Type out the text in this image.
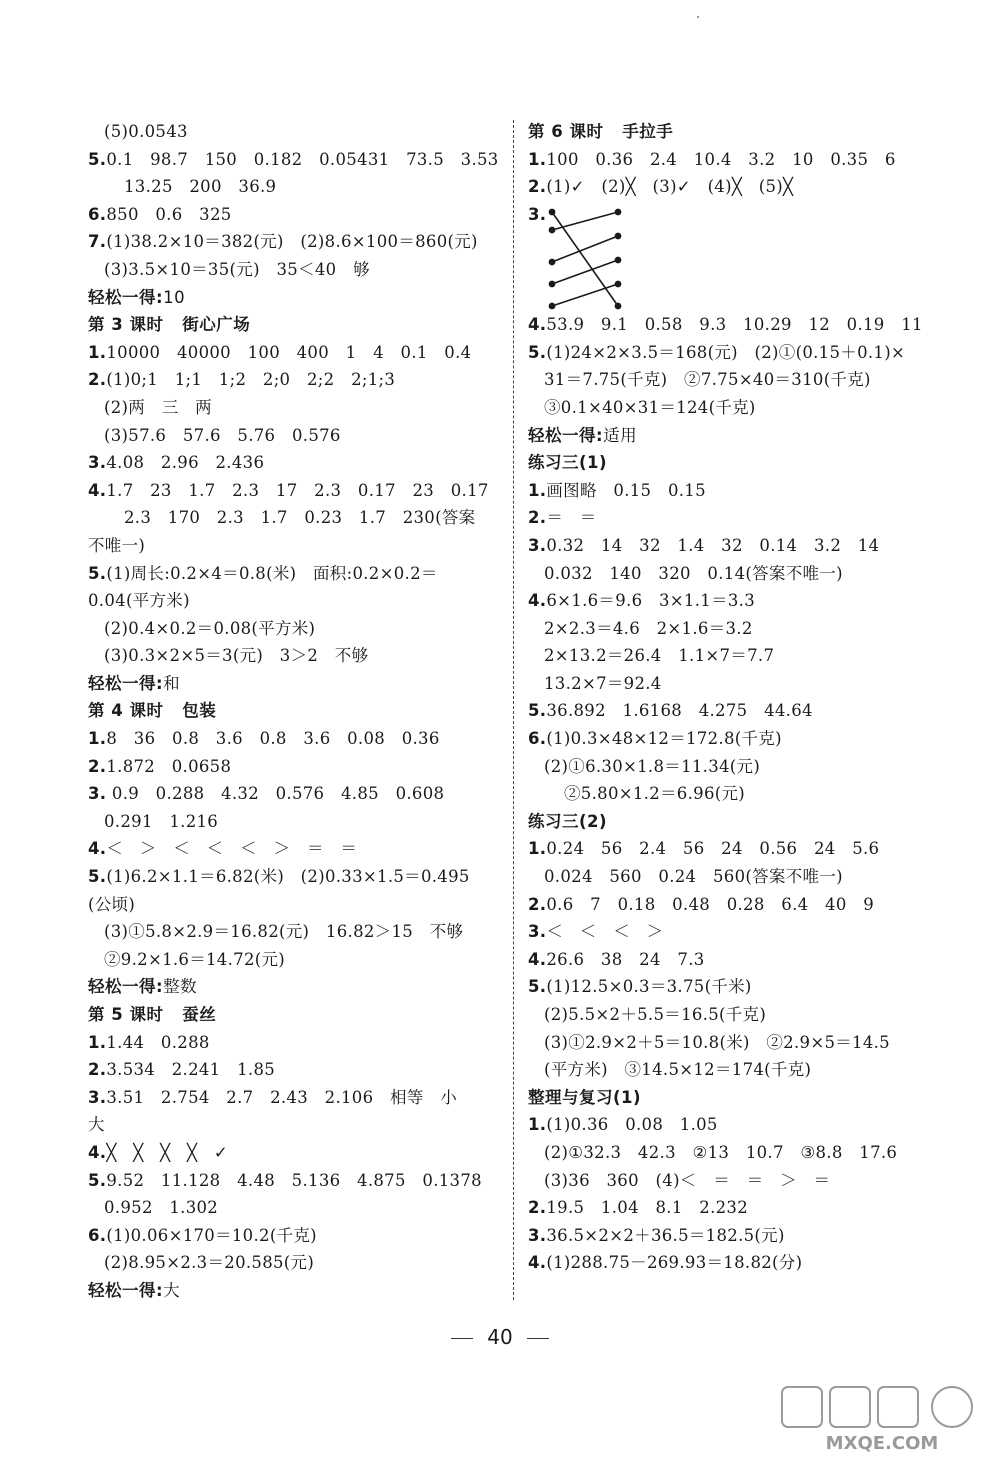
(5)0.0543
5.0.1   98.7   150   0.182   0.05431   73.5   3.53
13.25   200   36.9
6.850   0.6   325
7.(1)38.2×10＝382(元)   (2)8.6×100＝860(元)
(3)3.5×10＝35(元)   35＜40   够
轻松一得:10
第 3 课时   街心广场
1.10000   40000   100   400   1   4   0.1   0.4
2.(1)0;1   1;1   1;2   2;0   2;2   2;1;3
(2)两   三   两
(3)57.6   57.6   5.76   0.576
3.4.08   2.96   2.436
4.1.7   23   1.7   2.3   17   2.3   0.17   23   0.17
2.3   170   2.3   1.7   0.23   1.7   230(答案
不唯一)
5.(1)周长:0.2×4＝0.8(米)   面积:0.2×0.2＝
0.04(平方米)
(2)0.4×0.2＝0.08(平方米)
(3)0.3×2×5＝3(元)   3＞2   不够
轻松一得:和
第 4 课时   包装
1.8   36   0.8   3.6   0.8   3.6   0.08   0.36
2.1.872   0.0658
3. 0.9   0.288   4.32   0.576   4.85   0.608
0.291   1.216
4.＜   ＞   ＜   ＜   ＜   ＞   ＝   ＝
5.(1)6.2×1.1＝6.82(米)   (2)0.33×1.5＝0.495
(公顷)
(3)①5.8×2.9＝16.82(元)   16.82＞15   不够
②9.2×1.6＝14.72(元)
轻松一得:整数
第 5 课时   蚕丝
1.1.44   0.288
2.3.534   2.241   1.85
3.3.51   2.754   2.7   2.43   2.106   相等   小
大
4.╳   ╳   ╳   ╳   ✓
5.9.52   11.128   4.48   5.136   4.875   0.1378
0.952   1.302
6.(1)0.06×170＝10.2(千克)
(2)8.95×2.3＝20.585(元)
轻松一得:大
第 6 课时   手拉手
1.100   0.36   2.4   10.4   3.2   10   0.35   6
2.(1)✓   (2)╳   (3)✓   (4)╳   (5)╳
3.
4.53.9   9.1   0.58   9.3   10.29   12   0.19   11
5.(1)24×2×3.5＝168(元)   (2)①(0.15＋0.1)×
31＝7.75(千克)   ②7.75×40＝310(千克)
③0.1×40×31＝124(千克)
轻松一得:适用
练习三(1)
1.画图略   0.15   0.15
2.＝   ＝
3.0.32   14   32   1.4   32   0.14   3.2   14
0.032   140   320   0.14(答案不唯一)
4.6×1.6＝9.6   3×1.1＝3.3
2×2.3＝4.6   2×1.6＝3.2
2×13.2＝26.4   1.1×7＝7.7
13.2×7＝92.4
5.36.892   1.6168   4.275   44.64
6.(1)0.3×48×12＝172.8(千克)
(2)①6.30×1.8＝11.34(元)
②5.80×1.2＝6.96(元)
练习三(2)
1.0.24   56   2.4   56   24   0.56   24   5.6
0.024   560   0.24   560(答案不唯一)
2.0.6   7   0.18   0.48   0.28   6.4   40   9
3.＜   ＜   ＜   ＞
4.26.6   38   24   7.3
5.(1)12.5×0.3＝3.75(千米)
(2)5.5×2＋5.5＝16.5(千克)
(3)①2.9×2＋5＝10.8(米)   ②2.9×5＝14.5
(平方米)   ③14.5×12＝174(千克)
整理与复习(1)
1.(1)0.36   0.08   1.05
(2)①32.3   42.3   ②13   10.7   ③8.8   17.6
(3)36   360   (4)＜   ＝   ＝   ＞   ＝
2.19.5   1.04   8.1   2.232
3.36.5×2×2＋36.5＝182.5(元)
4.(1)288.75－269.93＝18.82(分)
40
MXQE.COM
